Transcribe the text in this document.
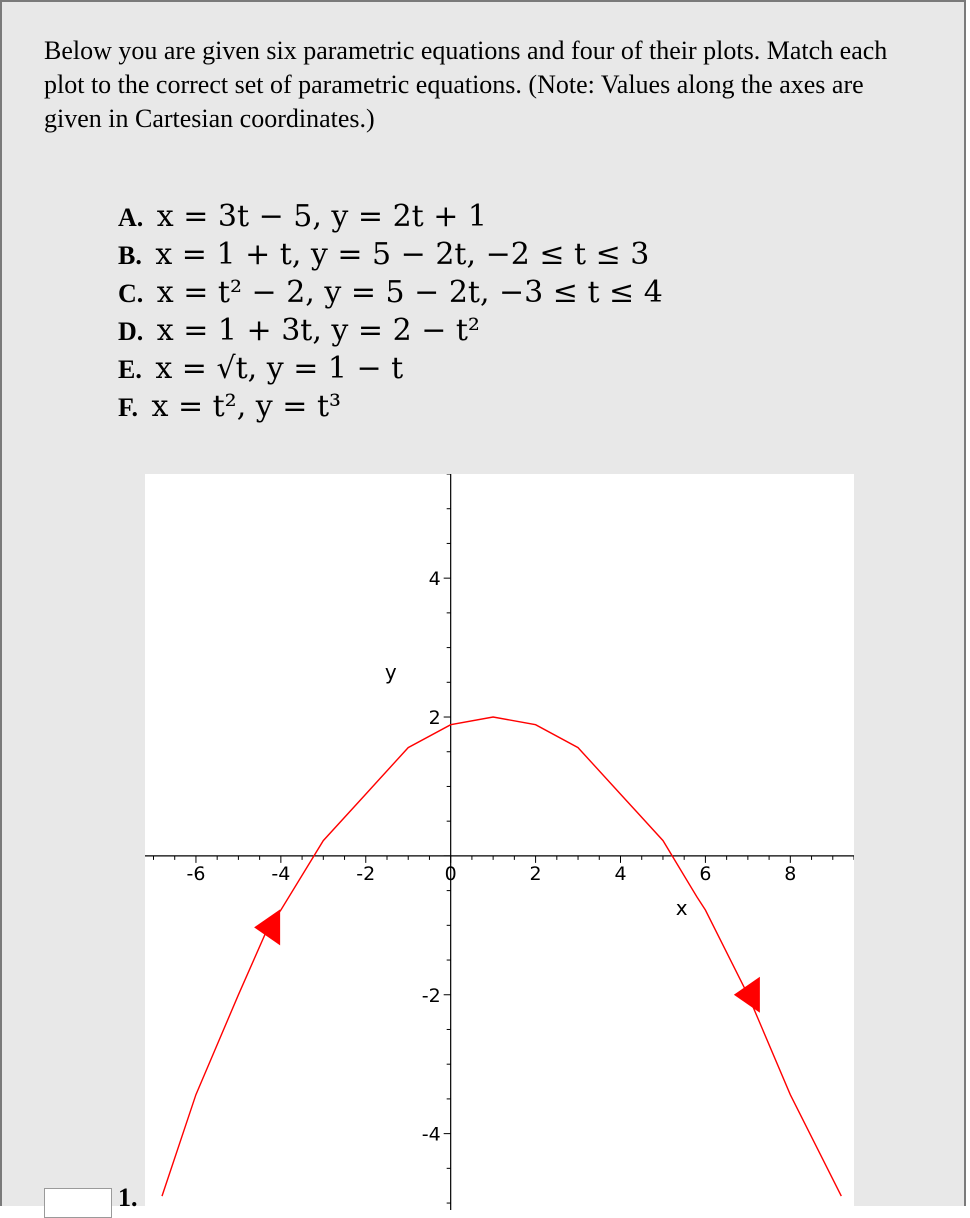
Below you are given six parametric equations and four of their plots. Match each plot to the correct set of parametric equations. (Note: Values along the axes are given in Cartesian coordinates.)
A. x = 3t − 5, y = 2t + 1
B. x = 1 + t, y = 5 − 2t, −2 ≤ t ≤ 3
C. x = t² − 2, y = 5 − 2t, −3 ≤ t ≤ 4
D. x = 1 + 3t, y = 2 − t²
E. x = √t, y = 1 − t
F. x = t², y = t³
-6	-4	-2	0	2	4	6	8
-4
-2
2
4
x
y
1.
